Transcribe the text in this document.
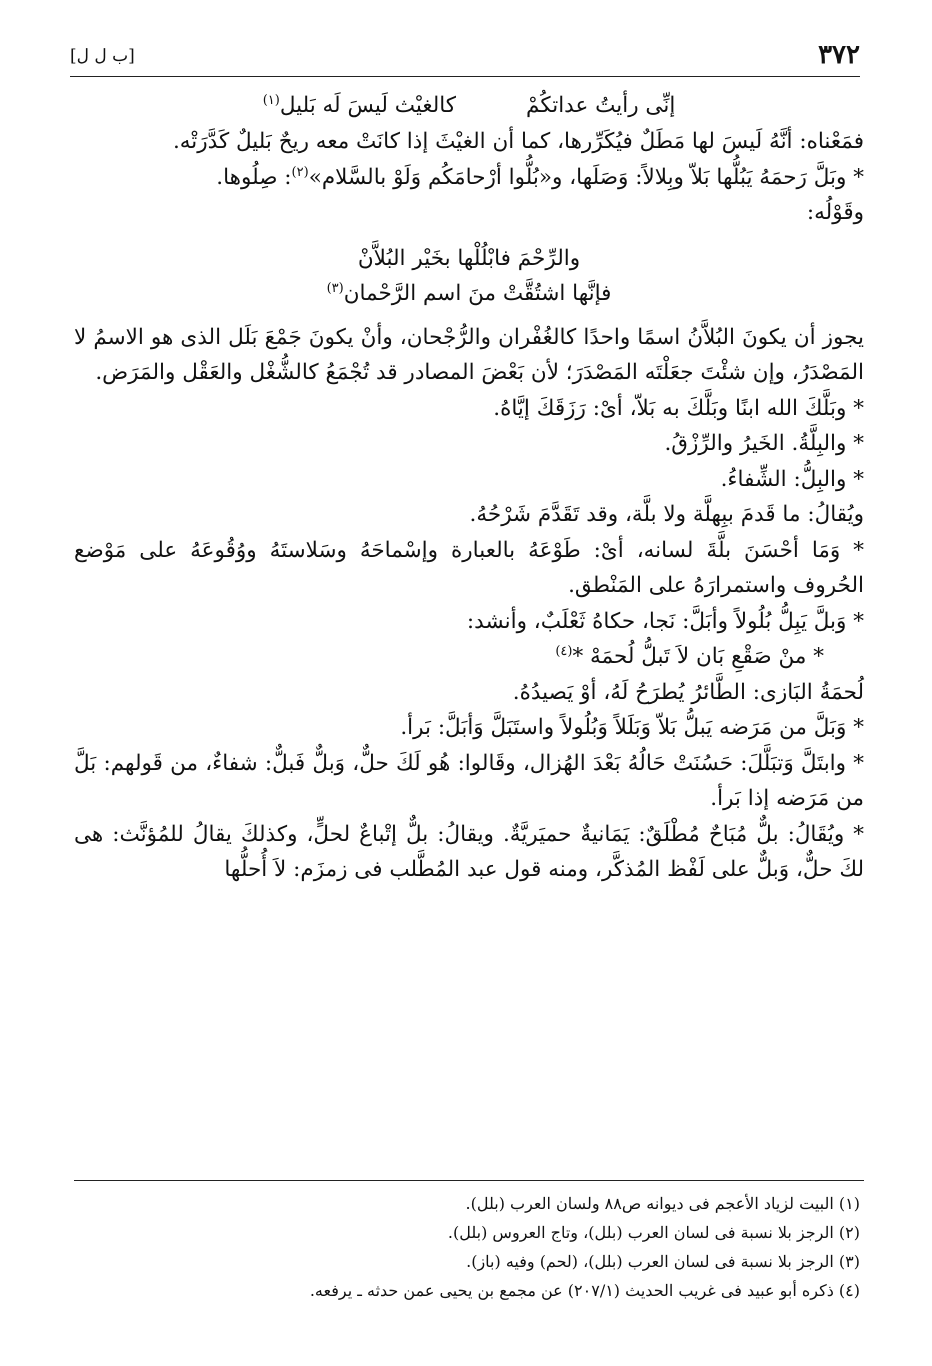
٣٧٢
[ب ل ل]
إنِّى رأيتُ عداتكُمْ
كالغيْث لَيسَ لَه بَليل$^{(١)}$

فمَعْناه: أنَّهُ لَيسَ لها مَطَلٌ فيُكَرِّرها، كما أن الغيْثَ إذا كانَتْ معه ريحٌ بَليلٌ كَدَّرَتْه.

* وبَلَّ رَحمَهُ يَبُلُّها بَلاّ وبِلالاً: وَصَلَها، و«بُلُّوا أرْحامَكُم وَلَوْ بالسَّلام»$^{(٢)}$: صِلُوها.

وقَوْلُه:

والرِّحْمَ فابْلُلْها بخَيْر البُلاَّنْ

فإنَّها اشتُقَّتْ منَ اسم الرَّحْمان$^{(٣)}$

يجوز أن يكونَ البُلاَّنُ اسمًا واحدًا كالغُفْران والرُّجْحان، وأنْ يكونَ جَمْعَ بَلَل الذى هو الاسمُ لا المَصْدَرُ، وإن شئْتَ جعَلْتَه المَصْدَرَ؛ لأن بَعْضَ المصادر قد تُجْمَعُ كالشُّغْل والعَقْل والمَرَض.

* وبَلَّكَ الله ابنًا وبَلَّكَ به بَلاّ، أىْ: رَزَقَكَ إيَّاهُ.

* والبِلَّةُ. الخَيرُ والرِّزْقُ.

* والبِلُّ: الشِّفاءُ.

ويُقالُ: ما قَدمَ ببِهلَّة ولا بلَّة، وقد تَقَدَّمَ شَرْحُهُ.

* وَمَا أحْسَنَ بلَّةَ لسانه، أىْ: طَوْعَهُ بالعبارة وإسْماحَهُ وسَلاستَهُ ووُقُوعَهُ على مَوْضع الحُروف واستمرارَهُ على المَنْطق.

* وَبلَّ يَبِلُّ بُلُولاً وأبَلَّ: نَجا، حكاهُ ثَعْلَبٌ، وأنشد:

* منْ صَقْعِ بَان لاَ تَبلُّ لُحمَهْ *$^{(٤)}$

لُحمَةُ البَازى: الطَّائرُ يُطرَحُ لَهُ، أوْ يَصيدُهُ.

* وَبَلَّ من مَرَضه يَبلُّ بَلاّ وَبَلَلاً وَبُلُولاً واستَبَلَّ وَأبَلَّ: بَرأ.

* وابتَلَّ وَتبَلَّلَ: حَسُنَتْ حَالُهُ بَعْدَ الهُزال، وقَالوا: هُو لَكَ حلٌّ، وَبلٌّ فَبلٌّ: شفاءٌ، من قَولهم: بَلَّ من مَرَضه إذا بَرأ.

* ويُقَالُ: بلٌّ مُبَاحٌ مُطْلَقٌ: يَمَانيةٌ حميَريَّةٌ. ويقالُ: بلٌّ إتْباعٌ لحلٍّ، وكذلكَ يقالُ للمُؤنَّث: هى لكَ حلٌّ، وَبلٌّ على لَفْظ المُذكَّر، ومنه قول عبد المُطَّلب فى زمزَم: لاَ أُحلُّها

(١) البيت لزياد الأعجم فى ديوانه ص٨٨ ولسان العرب (بلل).

(٢) الرجز بلا نسبة فى لسان العرب (بلل)، وتاج العروس (بلل).

(٣) الرجز بلا نسبة فى لسان العرب (بلل)، (لحم) وفيه (باز).

(٤) ذكره أبو عبيد فى غريب الحديث (٢٠٧/١) عن مجمع بن يحيى عمن حدثه ـ يرفعه.
